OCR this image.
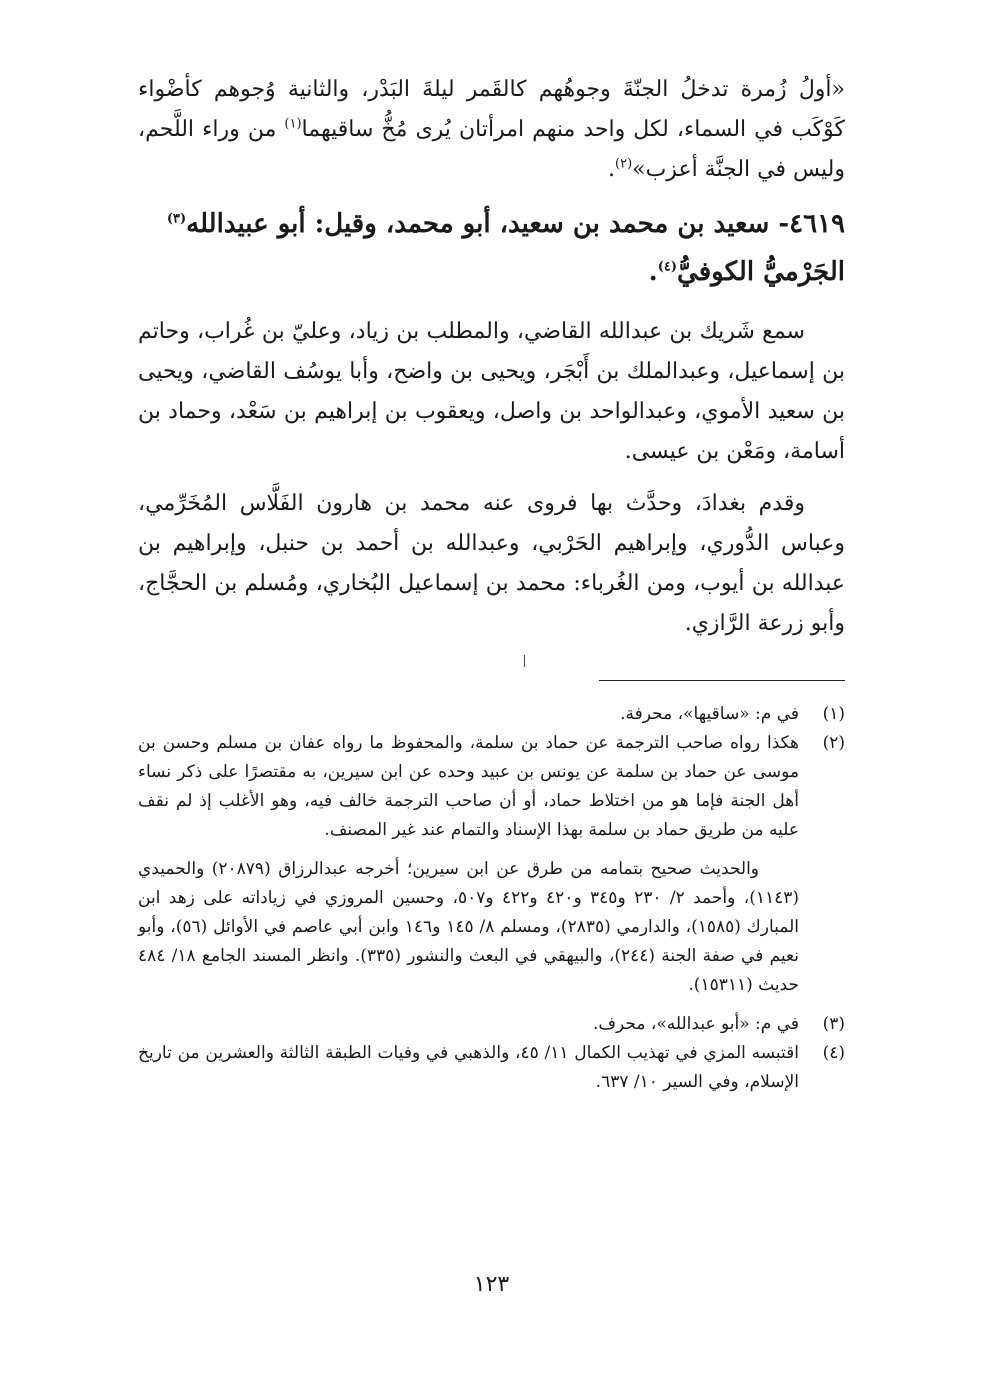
«أولُ زُمرة تدخلُ الجنّةَ وجوهُهم كالقَمر ليلةَ البَدْر، والثانية وُجوهم كأضْواء كَوْكَب في السماء، لكل واحد منهم امرأتان يُرى مُخُّ ساقيهما$^{(١)}$ من وراء اللَّحم، وليس في الجنَّة أعزب»$^{(٢)}$.

٤٦١٩- سعيد بن محمد بن سعيد، أبو محمد، وقيل: أبو عبيدالله$^{(٣)}$ الجَرْميُّ الكوفيُّ$^{(٤)}$.

سمع شَريك بن عبدالله القاضي، والمطلب بن زياد، وعليّ بن غُراب، وحاتم بن إسماعيل، وعبدالملك بن أَبْجَر، ويحيى بن واضح، وأبا يوسُف القاضي، ويحيى بن سعيد الأموي، وعبدالواحد بن واصل، ويعقوب بن إبراهيم بن سَعْد، وحماد بن أسامة، ومَعْن بن عيسى.

وقدم بغدادَ، وحدَّث بها فروى عنه محمد بن هارون الفَلَّاس المُخَرِّمي، وعباس الدُّوري، وإبراهيم الحَرْبي، وعبدالله بن أحمد بن حنبل، وإبراهيم بن عبدالله بن أيوب، ومن الغُرباء: محمد بن إسماعيل البُخاري، ومُسلم بن الحجَّاج، وأبو زرعة الرَّازي.

(١)
في م: «ساقيها»، محرفة.
(٢)
هكذا رواه صاحب الترجمة عن حماد بن سلمة، والمحفوظ ما رواه عفان بن مسلم وحسن بن موسى عن حماد بن سلمة عن يونس بن عبيد وحده عن ابن سيرين، به مقتصرًا على ذكر نساء أهل الجنة فإما هو من اختلاط حماد، أو أن صاحب الترجمة خالف فيه، وهو الأغلب إذ لم نقف عليه من طريق حماد بن سلمة بهذا الإسناد والتمام عند غير المصنف.
والحديث صحيح بتمامه من طرق عن ابن سيرين؛ أخرجه عبدالرزاق (٢٠٨٧٩) والحميدي (١١٤٣)، وأحمد ٢/ ٢٣٠ و٣٤٥ و٤٢٠ و٤٢٢ و٥٠٧، وحسين المروزي في زياداته على زهد ابن المبارك (١٥٨٥)، والدارمي (٢٨٣٥)، ومسلم ٨/ ١٤٥ و١٤٦ وابن أبي عاصم في الأوائل (٥٦)، وأبو نعيم في صفة الجنة (٢٤٤)، والبيهقي في البعث والنشور (٣٣٥). وانظر المسند الجامع ١٨/ ٤٨٤ حديث (١٥٣١١).
(٣)
في م: «أبو عبدالله»، محرف.
(٤)
اقتبسه المزي في تهذيب الكمال ١١/ ٤٥، والذهبي في وفيات الطبقة الثالثة والعشرين من تاريخ الإسلام، وفي السير ١٠/ ٦٣٧.
١٢٣
